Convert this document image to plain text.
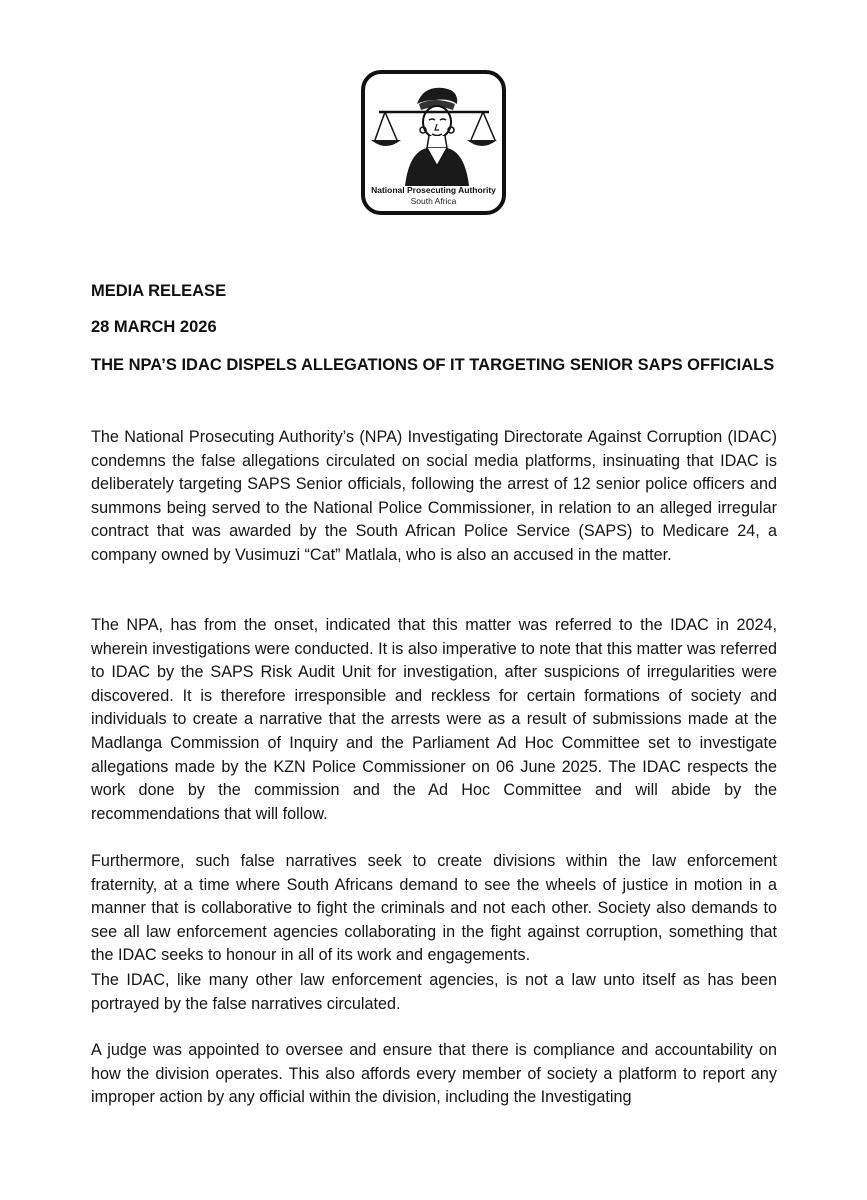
National Prosecuting Authority
South Africa
MEDIA RELEASE
28 MARCH 2026
THE NPA’S IDAC DISPELS ALLEGATIONS OF IT TARGETING SENIOR SAPS OFFICIALS

The National Prosecuting Authority’s (NPA) Investigating Directorate Against Corruption (IDAC) condemns the false allegations circulated on social media platforms, insinuating that IDAC is deliberately targeting SAPS Senior officials, following the arrest of 12 senior police officers and summons being served to the National Police Commissioner, in relation to an alleged irregular contract that was awarded by the South African Police Service (SAPS) to Medicare 24, a company owned by Vusimuzi “Cat” Matlala, who is also an accused in the matter.

The NPA, has from the onset, indicated that this matter was referred to the IDAC in 2024, wherein investigations were conducted. It is also imperative to note that this matter was referred to IDAC by the SAPS Risk Audit Unit for investigation, after suspicions of irregularities were discovered. It is therefore irresponsible and reckless for certain formations of society and individuals to create a narrative that the arrests were as a result of submissions made at the Madlanga Commission of Inquiry and the Parliament Ad Hoc Committee set to investigate allegations made by the KZN Police Commissioner on 06 June 2025. The IDAC respects the work done by the commission and the Ad Hoc Committee and will abide by the recommendations that will follow.

Furthermore, such false narratives seek to create divisions within the law enforcement fraternity, at a time where South Africans demand to see the wheels of justice in motion in a manner that is collaborative to fight the criminals and not each other. Society also demands to see all law enforcement agencies collaborating in the fight against corruption, something that the IDAC seeks to honour in all of its work and engagements.

The IDAC, like many other law enforcement agencies, is not a law unto itself as has been portrayed by the false narratives circulated.

A judge was appointed to oversee and ensure that there is compliance and accountability on how the division operates. This also affords every member of society a platform to report any improper action by any official within the division, including the Investigating
